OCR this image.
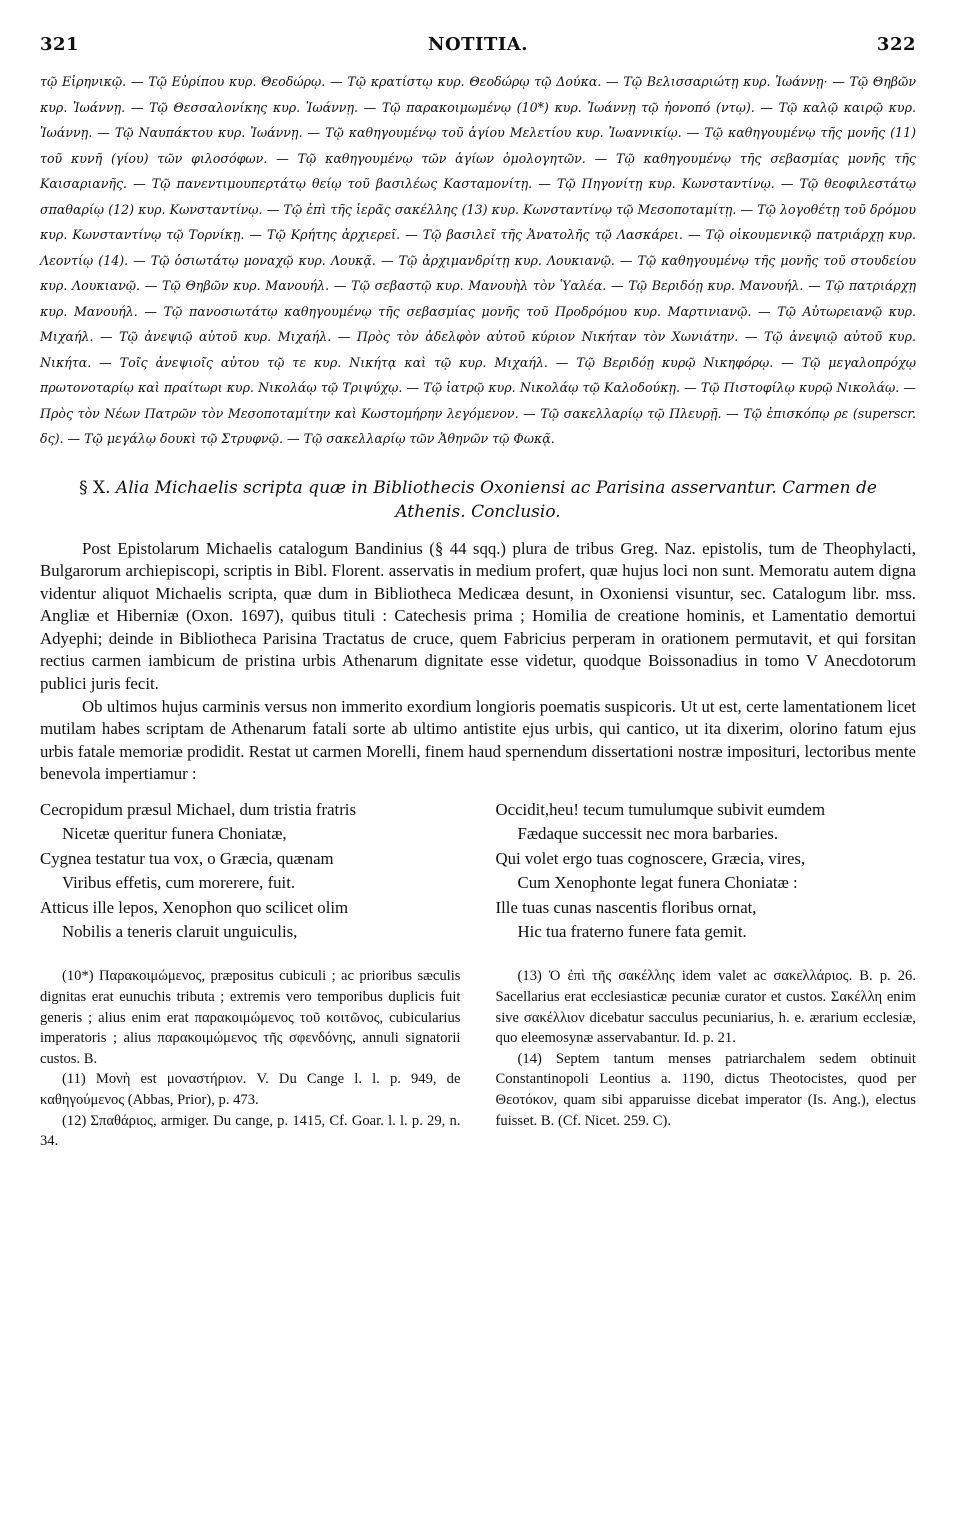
321	NOTITIA.	322

τῷ Εἰρηνικῷ. — Τῷ Εὐρίπου κυρ. Θεοδώρῳ. — Τῷ κρατίστῳ κυρ. Θεοδώρῳ τῷ Δούκα. — Τῷ Βελισσαριώτῃ κυρ. Ἰωάννῃ· — Τῷ Θηβῶν κυρ. Ἰωάννῃ. — Τῷ Θεσσαλονίκης κυρ. Ἰωάννῃ. — Τῷ παρακοιμωμένῳ (10*) κυρ. Ἰωάννῃ τῷ ἠονοπό (ντῳ). — Τῷ καλῷ καιρῷ κυρ. Ἰωάννῃ. — Τῷ Ναυπάκτου κυρ. Ἰωάννῃ. — Τῷ καθηγουμένῳ τοῦ ἁγίου Μελετίου κυρ. Ἰωαννικίῳ. — Τῷ καθηγουμένῳ τῆς μονῆς (11) τοῦ κυνῆ (γίου) τῶν φιλοσόφων. — Τῷ καθηγουμένῳ τῶν ἁγίων ὁμολογητῶν. — Τῷ καθηγουμένῳ τῆς σεβασμίας μονῆς τῆς Καισαριανῆς. — Τῷ πανεντιμουπερτάτῳ θείῳ τοῦ βασιλέως Κασταμονίτῃ. — Τῷ Πηγονίτῃ κυρ. Κωνσταντίνῳ. — Τῷ θεοφιλεστάτῳ σπαθαρίῳ (12) κυρ. Κωνσταντίνῳ. — Τῷ ἐπὶ τῆς ἱερᾶς σακέλλης (13) κυρ. Κωνσταντίνῳ τῷ Μεσοποταμίτῃ. — Τῷ λογοθέτῃ τοῦ δρόμου κυρ. Κωνσταντίνῳ τῷ Τορνίκῃ. — Τῷ Κρήτης ἀρχιερεῖ. — Τῷ βασιλεῖ τῆς Ἀνατολῆς τῷ Λασκάρει. — Τῷ οἰκουμενικῷ πατριάρχῃ κυρ. Λεοντίῳ (14). — Τῷ ὁσιωτάτῳ μοναχῷ κυρ. Λουκᾷ. — Τῷ ἀρχιμανδρίτῃ κυρ. Λουκιανῷ. — Τῷ καθηγουμένῳ τῆς μονῆς τοῦ στουδείου κυρ. Λουκιανῷ. — Τῷ Θηβῶν κυρ. Μανουήλ. — Τῷ σεβαστῷ κυρ. Μανουὴλ τὸν Ὑαλέα. — Τῷ Βεριδόῃ κυρ. Μανουήλ. — Τῷ πατριάρχῃ κυρ. Μανουήλ. — Τῷ πανοσιωτάτῳ καθηγουμένῳ τῆς σεβασμίας μονῆς τοῦ Προδρόμου κυρ. Μαρτινιανῷ. — Τῷ Αὐτωρειανῷ κυρ. Μιχαήλ. — Τῷ ἀνεψιῷ αὐτοῦ κυρ. Μιχαήλ. — Πρὸς τὸν ἀδελφὸν αὐτοῦ κύριον Νικήταν τὸν Χωνιάτην. — Τῷ ἀνεψιῷ αὐτοῦ κυρ. Νικήτα. — Τοῖς ἀνεψιοῖς αὐτου τῷ τε κυρ. Νικήτᾳ καὶ τῷ κυρ. Μιχαήλ. — Τῷ Βεριδόῃ κυρῷ Νικηφόρῳ. — Τῷ μεγαλοπρόχῳ πρωτονοταρίῳ καὶ πραίτωρι κυρ. Νικολάῳ τῷ Τριψύχῳ. — Τῷ ἰατρῷ κυρ. Νικολάῳ τῷ Καλοδούκῃ. — Τῷ Πιστοφίλῳ κυρῷ Νικολάῳ. — Πρὸς τὸν Νέων Πατρῶν τὸν Μεσοποταμίτην καὶ Κωστομήρην λεγόμενον. — Τῷ σακελλαρίῳ τῷ Πλευρῇ. — Τῷ ἐπισκόπῳ ρε (superscr. δς). — Τῷ μεγάλῳ δουκὶ τῷ Στρυφνῷ. — Τῷ σακελλαρίῳ τῶν Ἀθηνῶν τῷ Φωκᾷ.

§ X. Alia Michaelis scripta quæ in Bibliothecis Oxoniensi ac Parisina asservantur. Carmen de Athenis. Conclusio.

Post Epistolarum Michaelis catalogum Bandinius (§ 44 sqq.) plura de tribus Greg. Naz. epistolis, tum de Theophylacti, Bulgarorum archiepiscopi, scriptis in Bibl. Florent. asservatis in medium profert, quæ hujus loci non sunt. Memoratu autem digna videntur aliquot Michaelis scripta, quæ dum in Bibliotheca Medicæa desunt, in Oxoniensi visuntur, sec. Catalogum libr. mss. Angliæ et Hiberniæ (Oxon. 1697), quibus tituli : Catechesis prima ; Homilia de creatione hominis, et Lamentatio demortui Adyephi; deinde in Bibliotheca Parisina Tractatus de cruce, quem Fabricius perperam in orationem permutavit, et qui forsitan rectius carmen iambicum de pristina urbis Athenarum dignitate esse videtur, quodque Boissonadius in tomo V Anecdotorum publici juris fecit.

Ob ultimos hujus carminis versus non immerito exordium longioris poematis suspicoris. Ut ut est, certe lamentationem licet mutilam habes scriptam de Athenarum fatali sorte ab ultimo antistite ejus urbis, qui cantico, ut ita dixerim, olorino fatum ejus urbis fatale memoriæ prodidit. Restat ut carmen Morelli, finem haud spernendum dissertationi nostræ imposituri, lectoribus mente benevola impertiamur :

Cecropidum præsul Michael, dum tristia fratris
Nicetæ queritur funera Choniatæ,
Cygnea testatur tua vox, o Græcia, quænam
Viribus effetis, cum morerere, fuit.
Atticus ille lepos, Xenophon quo scilicet olim
Nobilis a teneris claruit unguiculis,
Occidit,heu! tecum tumulumque subivit eumdem
Fædaque successit nec mora barbaries.
Qui volet ergo tuas cognoscere, Græcia, vires,
Cum Xenophonte legat funera Choniatæ :
Ille tuas cunas nascentis floribus ornat,
Hic tua fraterno funere fata gemit.

(10*) Παρακοιμώμενος, præpositus cubiculi ; ac prioribus sæculis dignitas erat eunuchis tributa ; extremis vero temporibus duplicis fuit generis ; alius enim erat παρακοιμώμενος τοῦ κοιτῶνος, cubicularius imperatoris ; alius παρακοιμώμενος τῆς σφενδόνης, annuli signatorii custos. B.

(11) Μονὴ est μοναστήριον. V. Du Cange l. l. p. 949, de καθηγούμενος (Abbas, Prior), p. 473.

(12) Σπαθάριος, armiger. Du cange, p. 1415, Cf. Goar. l. l. p. 29, n. 34.

(13) Ὁ ἐπὶ τῆς σακέλλης idem valet ac σακελλάριος. B. p. 26. Sacellarius erat ecclesiasticæ pecuniæ curator et custos. Σακέλλη enim sive σακέλλιον dicebatur sacculus pecuniarius, h. e. ærarium ecclesiæ, quo eleemosynæ asservabantur. Id. p. 21.

(14) Septem tantum menses patriarchalem sedem obtinuit Constantinopoli Leontius a. 1190, dictus Theotocistes, quod per Θεοτόκον, quam sibi apparuisse dicebat imperator (Is. Ang.), electus fuisset. B. (Cf. Nicet. 259. C).
